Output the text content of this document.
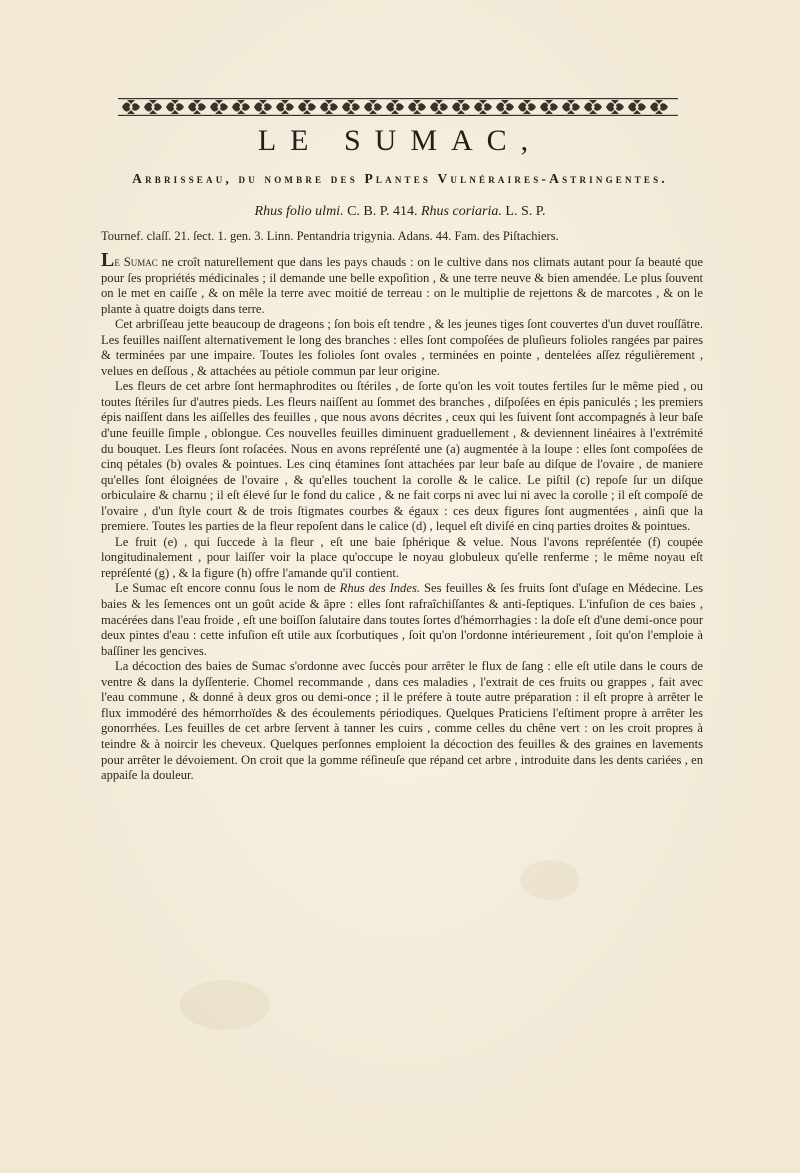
LE SUMAC,
Arbrisseau, du nombre des Plantes Vulnéraires-Astringentes.
Rhus folio ulmi. C. B. P. 414. Rhus coriaria. L. S. P.
Tournef. claſſ. 21. ſect. 1. gen. 3. Linn. Pentandria trigynia. Adans. 44. Fam. des Piſtachiers.

Le Sumac ne croît naturellement que dans les pays chauds : on le cultive dans nos climats autant pour ſa beauté que pour ſes propriétés médicinales ; il demande une belle expoſition , & une terre neuve & bien amendée. Le plus ſouvent on le met en caiſſe , & on mêle la terre avec moitié de terreau : on le multiplie de rejettons & de marcotes , & on le plante à quatre doigts dans terre.

Cet arbriſſeau jette beaucoup de drageons ; ſon bois eſt tendre , & les jeunes tiges ſont couvertes d'un duvet rouſſâtre. Les feuilles naiſſent alternativement le long des branches : elles ſont compoſées de pluſieurs folioles rangées par paires & terminées par une impaire. Toutes les folioles ſont ovales , terminées en pointe , dentelées aſſez régulièrement , velues en deſſous , & attachées au pétiole commun par leur origine.

Les fleurs de cet arbre ſont hermaphrodites ou ſtériles , de ſorte qu'on les voit toutes fertiles ſur le même pied , ou toutes ſtériles ſur d'autres pieds. Les fleurs naiſſent au ſommet des branches , diſpoſées en épis paniculés ; les premiers épis naiſſent dans les aiſſelles des feuilles , que nous avons décrites , ceux qui les ſuivent ſont accompagnés à leur baſe d'une feuille ſimple , oblongue. Ces nouvelles feuilles diminuent graduellement , & deviennent linéaires à l'extrémité du bouquet. Les fleurs ſont roſacées. Nous en avons repréſenté une (a) augmentée à la loupe : elles ſont compoſées de cinq pétales (b) ovales & pointues. Les cinq étamines ſont attachées par leur baſe au diſque de l'ovaire , de maniere qu'elles ſont éloignées de l'ovaire , & qu'elles touchent la corolle & le calice. Le piſtil (c) repoſe ſur un diſque orbiculaire & charnu ; il eſt élevé ſur le fond du calice , & ne fait corps ni avec lui ni avec la corolle ; il eſt compoſé de l'ovaire , d'un ſtyle court & de trois ſtigmates courbes & égaux : ces deux figures ſont augmentées , ainſi que la premiere. Toutes les parties de la fleur repoſent dans le calice (d) , lequel eſt diviſé en cinq parties droites & pointues.

Le fruit (e) , qui ſuccede à la fleur , eſt une baie ſphérique & velue. Nous l'avons repréſentée (f) coupée longitudinalement , pour laiſſer voir la place qu'occupe le noyau globuleux qu'elle renferme ; le même noyau eſt repréſenté (g) , & la figure (h) offre l'amande qu'il contient.

Le Sumac eſt encore connu ſous le nom de Rhus des Indes. Ses feuilles & ſes fruits ſont d'uſage en Médecine. Les baies & les ſemences ont un goût acide & âpre : elles ſont rafraîchiſſantes & anti-ſeptiques. L'infuſion de ces baies , macérées dans l'eau froide , eſt une boiſſon ſalutaire dans toutes ſortes d'hémorrhagies : la doſe eſt d'une demi-once pour deux pintes d'eau : cette infuſion eſt utile aux ſcorbutiques , ſoit qu'on l'ordonne intérieurement , ſoit qu'on l'emploie à baſſiner les gencives.

La décoction des baies de Sumac s'ordonne avec ſuccès pour arrêter le flux de ſang : elle eſt utile dans le cours de ventre & dans la dyſſenterie. Chomel recommande , dans ces maladies , l'extrait de ces fruits ou grappes , fait avec l'eau commune , & donné à deux gros ou demi-once ; il le préfere à toute autre préparation : il eſt propre à arrêter le flux immodéré des hémorrhoïdes & des écoulements périodiques. Quelques Praticiens l'eſtiment propre à arrêter les gonorrhées. Les feuilles de cet arbre ſervent à tanner les cuirs , comme celles du chêne vert : on les croit propres à teindre & à noircir les cheveux. Quelques perſonnes emploient la décoction des feuilles & des graines en lavements pour arrêter le dévoiement. On croit que la gomme réſineuſe que répand cet arbre , introduite dans les dents cariées , en appaiſe la douleur.
